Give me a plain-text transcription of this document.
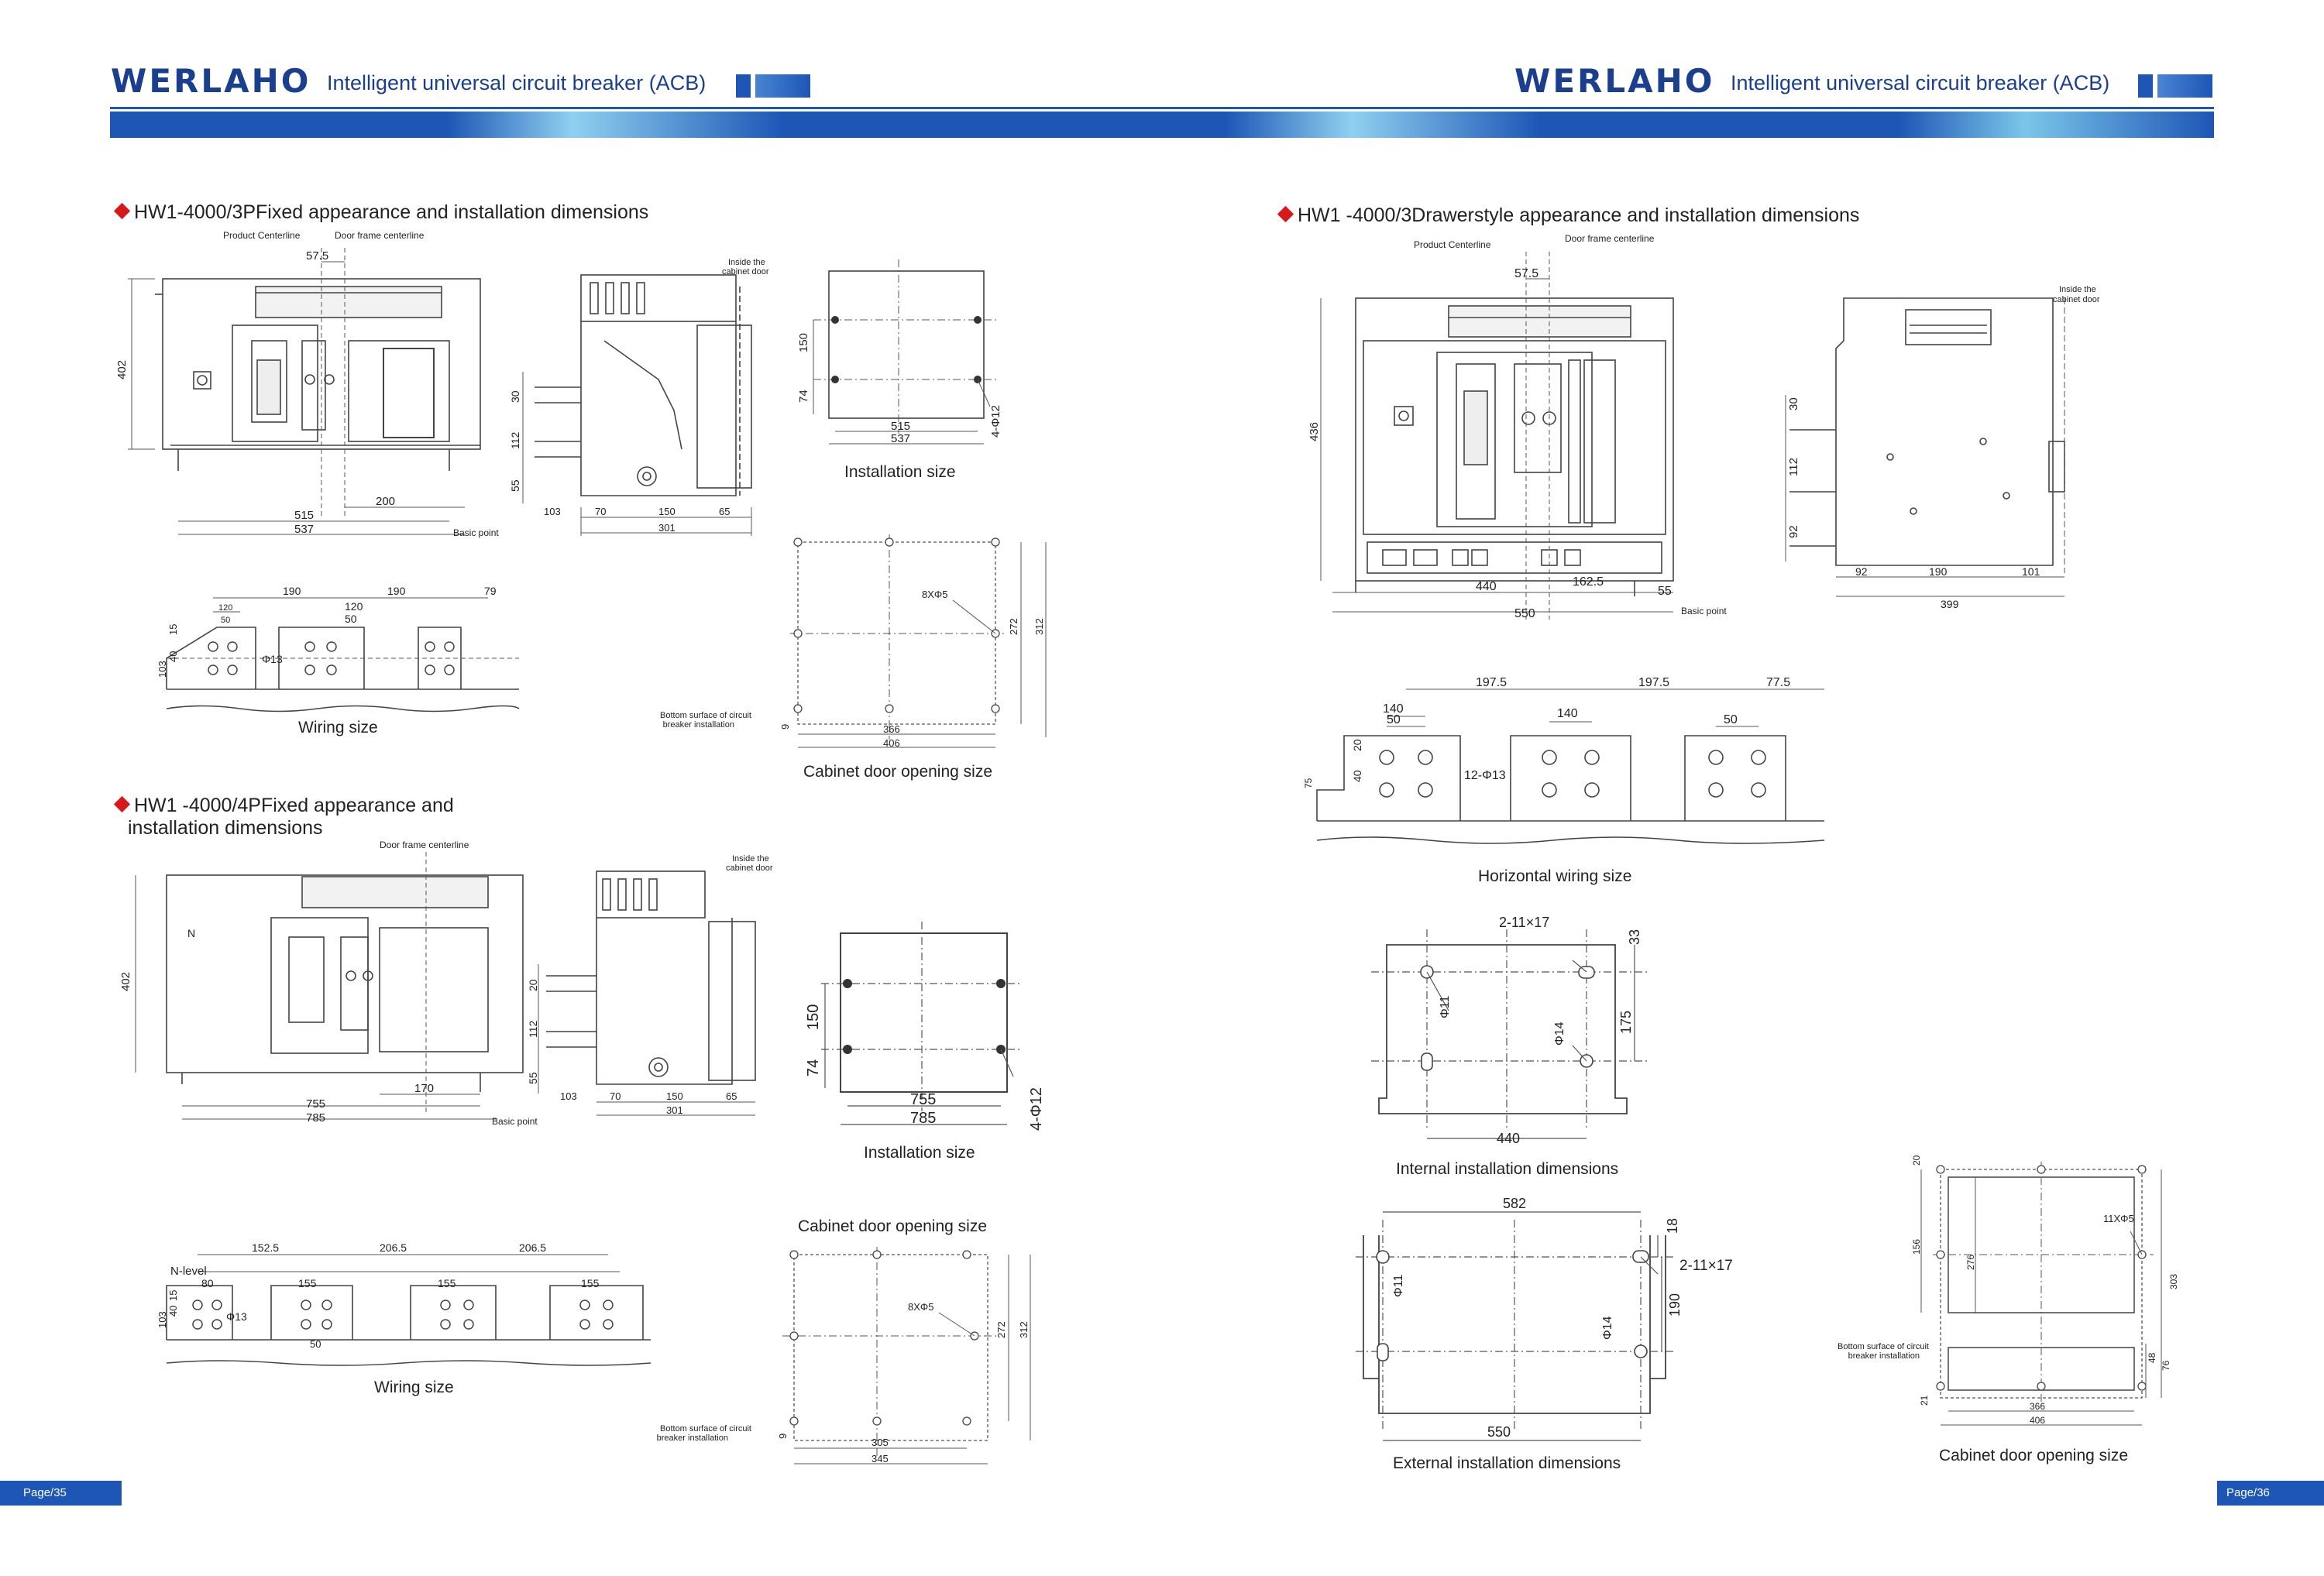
WERLAHO Intelligent universal circuit breaker (ACB)	WERLAHO Intelligent universal circuit breaker (ACB)
HW1-4000/3PFixed appearance and installation dimensions
HW1 -4000/4PFixed appearance and
installation dimensions
HW1 -4000/3Drawerstyle appearance and installation dimensions
Product Centerline	Door frame centerline
57.5
402
515
537
200
Basic point
30
112
55
103	70	150	65
301
Inside the
cabinet door
150
74
515
537
4-Φ12
Installation size
190	190	79
120	120
50	50
15
40
103
Φ13
Wiring size
8XΦ5
272 312
366
406
Bottom surface of circuit
breaker installation	9
Cabinet door opening size
Door frame centerline
N
402
755
785
170
Basic point
20
112
55
103	70	150	65
301
Inside the
cabinet door
150
74
755
785	4-Φ12
Installation size
152.5	206.5	206.5
N-level
80	155	155	155
15
40
103	Φ13
50
Wiring size
Cabinet door opening size
8XΦ5
272 312
305
345
Bottom surface of circuit
breaker installation	9
Product Centerline
Door frame centerline
57.5
436
440	162.5
55
550	Basic point
30
112
92
92	190	101
399
Inside the
cabinet door
197.5	197.5	77.5
140
50	140	50
20
40
75
12-Φ13
Horizontal wiring size
2-11×17
33
175
Φ11
Φ14
440
Internal installation dimensions
582
18
190
Φ11
Φ14
550
2-11×17
External installation dimensions
20
156
276
303
11XΦ5
366
406
Bottom surface of circuit
breaker installation	48
76
21
Cabinet door opening size
Page/35	Page/36
